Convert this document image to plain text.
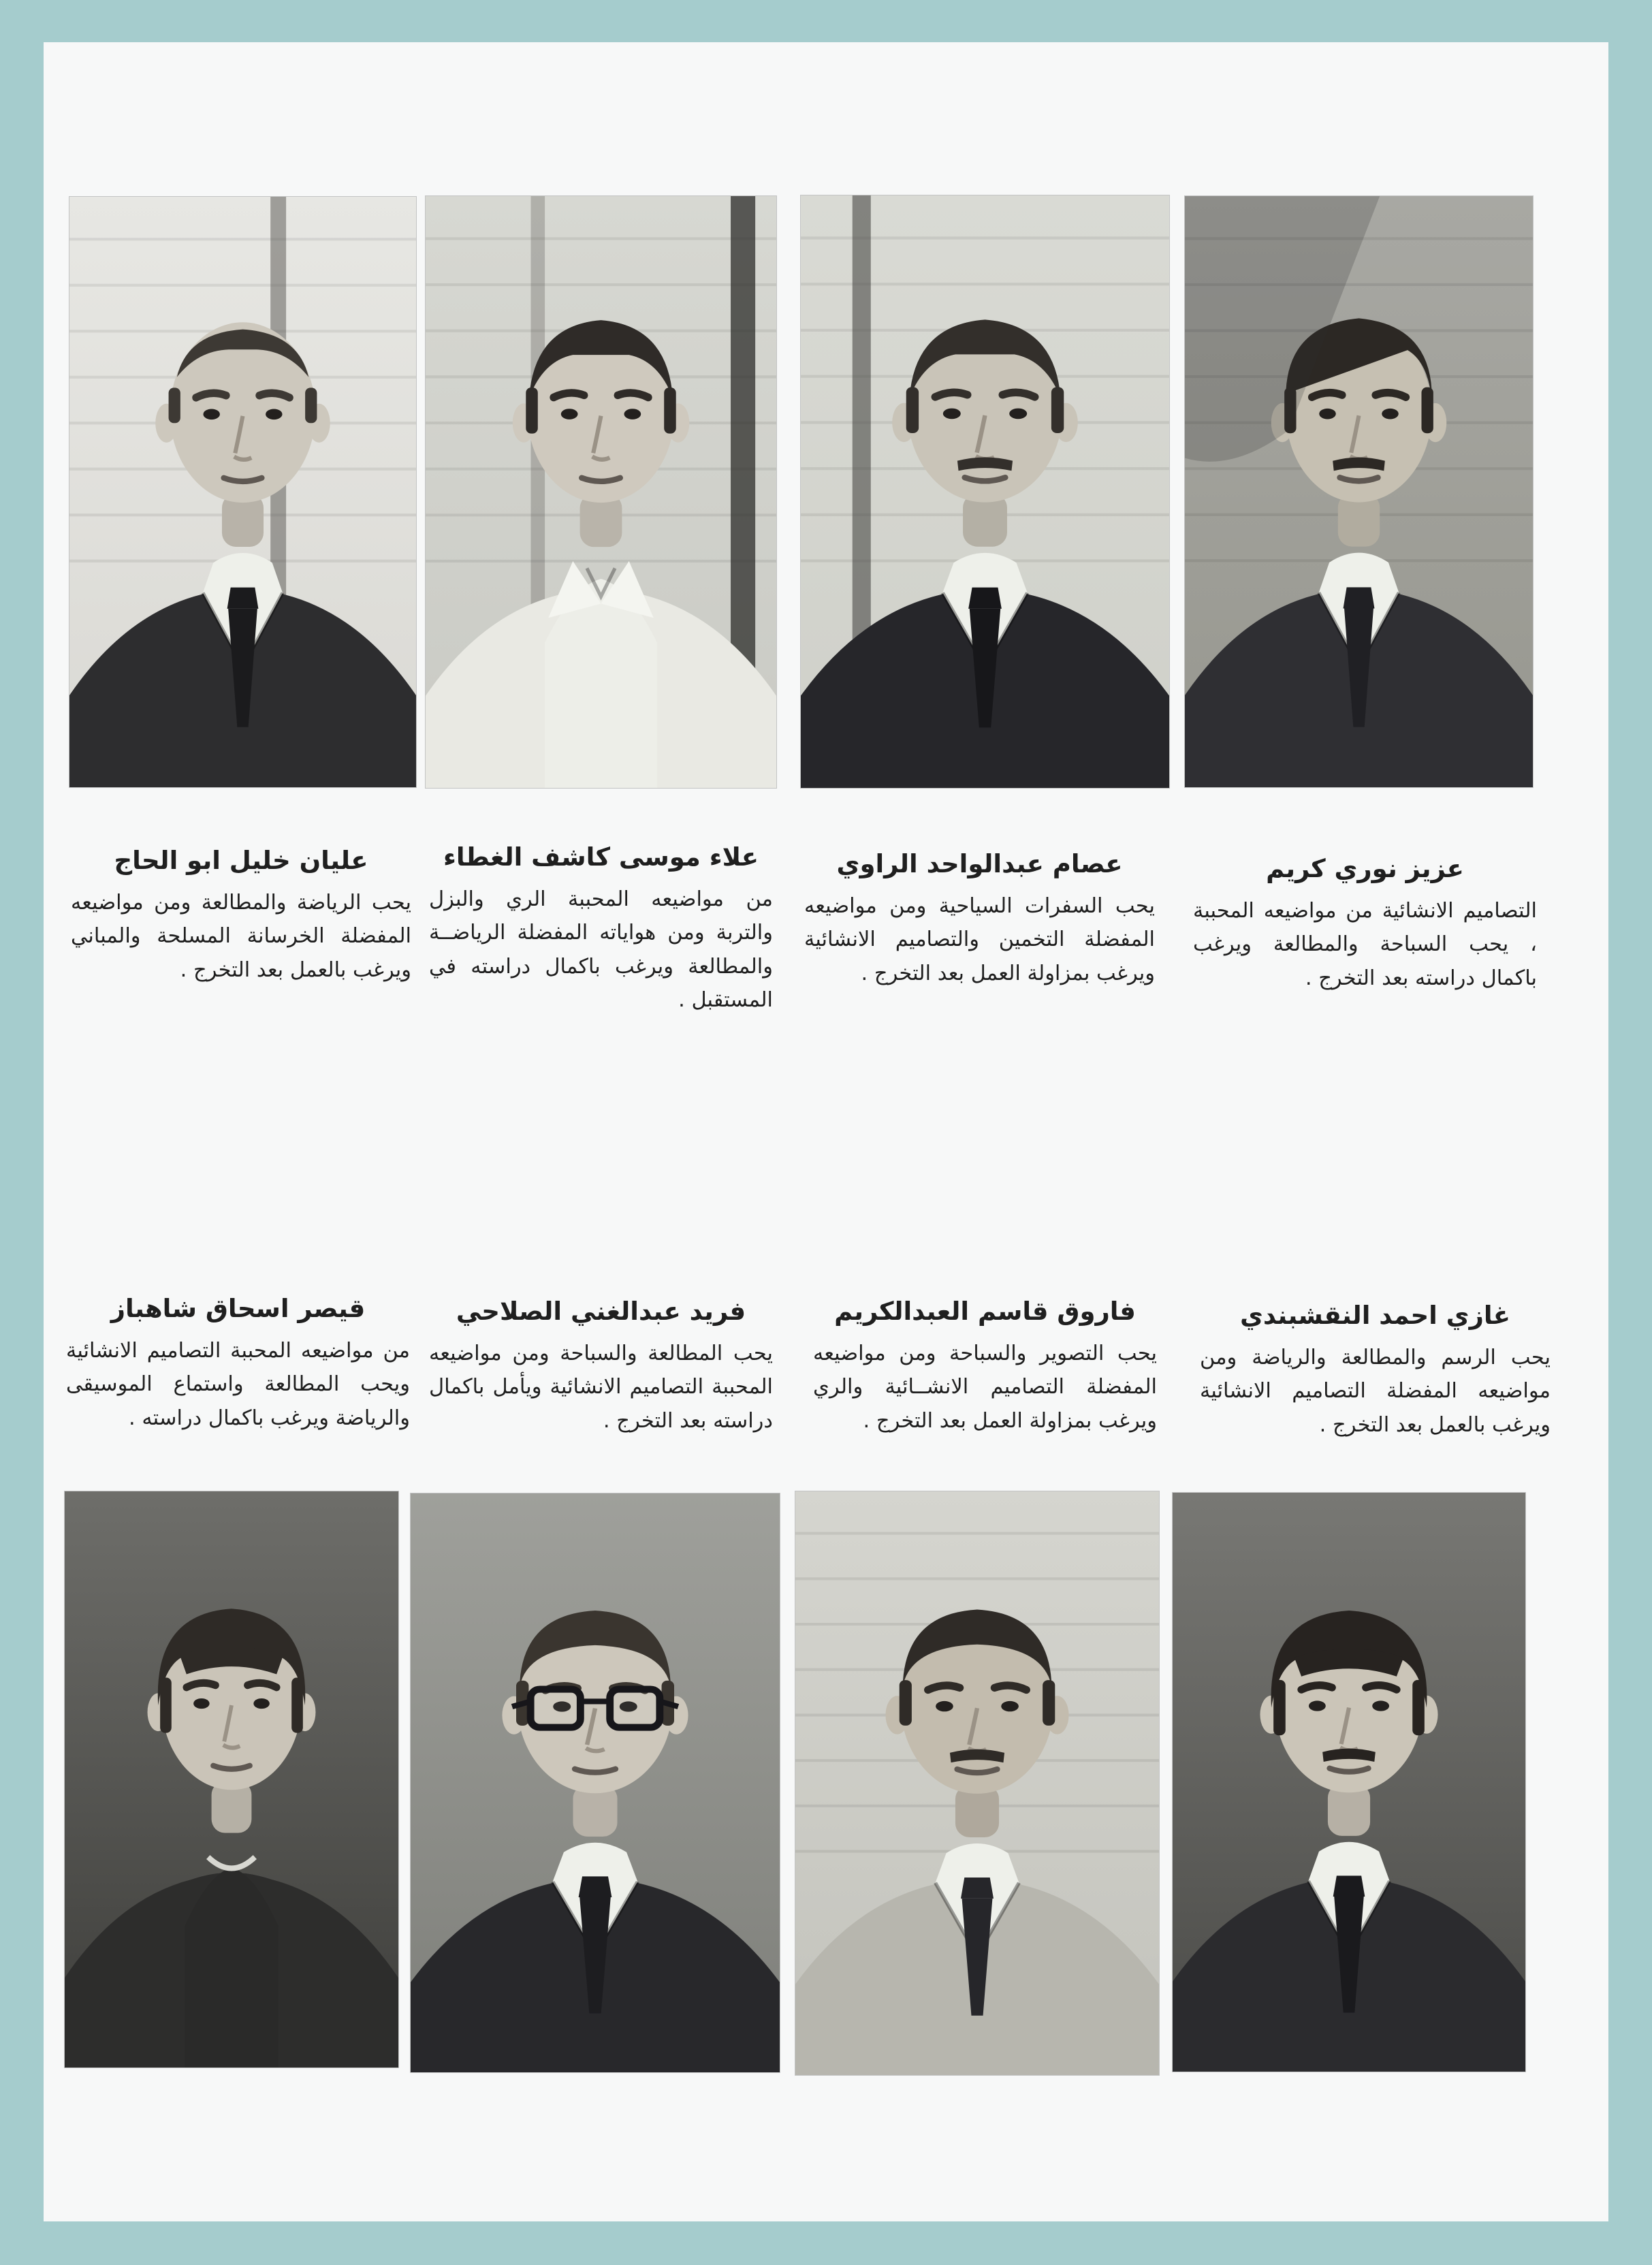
عليان خليل ابو الحاج
يحب الرياضة والمطالعة ومن مواضيعه المفضلة الخرسانة المسلحة والمباني ويرغب بالعمل بعد التخرج .
علاء موسى كاشف الغطاء
من مواضيعه المحببة الري والبزل والتربة ومن هواياته المفضلة الرياضــة والمطالعة ويرغب باكمال دراسته في المستقبل .
عصام عبدالواحد الراوي
يحب السفرات السياحية ومن مواضيعه المفضلة التخمين والتصاميم الانشائية ويرغب بمزاولة العمل بعد التخرج .
عزيز نوري كريم
التصاميم الانشائية من مواضيعه المحببة ، يحب السباحة والمطالعة ويرغب باكمال دراسته بعد التخرج .
قيصر اسحاق شاهباز
من مواضيعه المحببة التصاميم الانشائية ويحب المطالعة واستماع الموسيقى والرياضة ويرغب باكمال دراسته .
فريد عبدالغني الصلاحي
يحب المطالعة والسباحة ومن مواضيعه المحببة التصاميم الانشائية ويأمل باكمال دراسته بعد التخرج .
فاروق قاسم العبدالكريم
يحب التصوير والسباحة ومن مواضيعه المفضلة التصاميم الانشــائية والري ويرغب بمزاولة العمل بعد التخرج .
غازي احمد النقشبندي
يحب الرسم والمطالعة والرياضة ومن مواضيعه المفضلة التصاميم الانشائية ويرغب بالعمل بعد التخرج .
